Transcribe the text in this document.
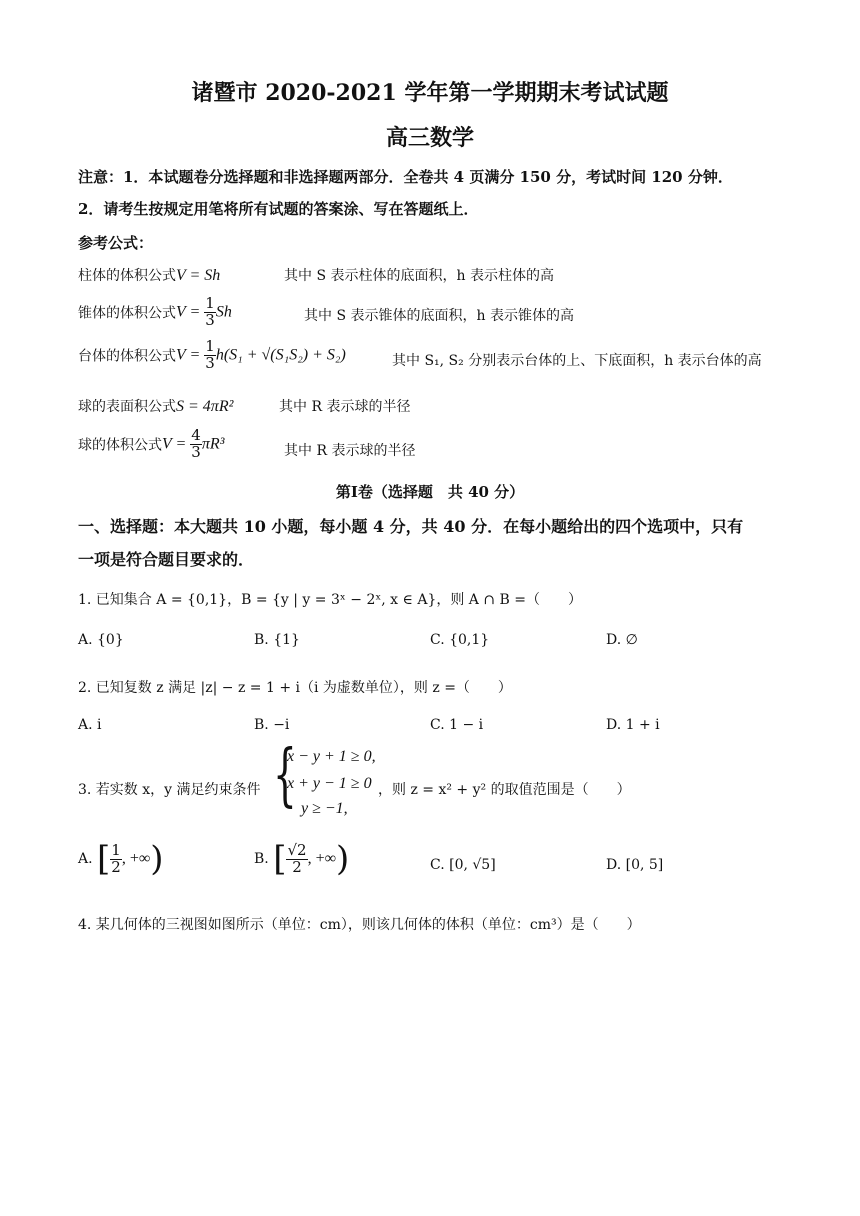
诸暨市 2020-2021 学年第一学期期末考试试题
高三数学
注意：1．本试题卷分选择题和非选择题两部分．全卷共 4 页满分 150 分，考试时间 120 分钟．
2．请考生按规定用笔将所有试题的答案涂、写在答题纸上．
参考公式：
柱体的体积公式V = Sh	其中 S 表示柱体的底面积，h 表示柱体的高
锥体的体积公式$V = \frac{1}{3}$ Sh	其中 S 表示锥体的底面积，h 表示锥体的高
台体的体积公式$V = \frac{1}{3} h(S_1 + √(S_1S_2) + S_2)$	其中 S₁, S₂ 分别表示台体的上、下底面积，h 表示台体的高
球的表面积公式S = 4πR²	其中 R 表示球的半径
球的体积公式$V = \frac{4}{3} \pi R^3$	其中 R 表示球的半径
第Ⅰ卷（选择题　共 40 分）
一、选择题：本大题共 10 小题，每小题 4 分，共 40 分．在每小题给出的四个选项中，只有
一项是符合题目要求的．
1. 已知集合 A = {0,1}，B = {y | y = 3ˣ − 2ˣ, x ∈ A}，则 A ∩ B =（　　）
A. {0}	B. {1}	C. {0,1}	D. ∅
2. 已知复数 z 满足 |z| − z = 1 + i（i 为虚数单位），则 z =（　　）
A. i	B. −i	C. 1 − i	D. 1 + i
3. 若实数 x，y 满足约束条件 {
x − y + 1 ≥ 0,
x + y − 1 ≥ 0
y ≥ −1,
，则 z = x² + y² 的取值范围是（　　）
A. [ $\frac{1}{2}$ , +∞)	B. [ $\frac{√2}{2}$ , +∞)	C. [0, √5]	D. [0, 5]
4. 某几何体的三视图如图所示（单位：cm），则该几何体的体积（单位：cm³）是（　　）
